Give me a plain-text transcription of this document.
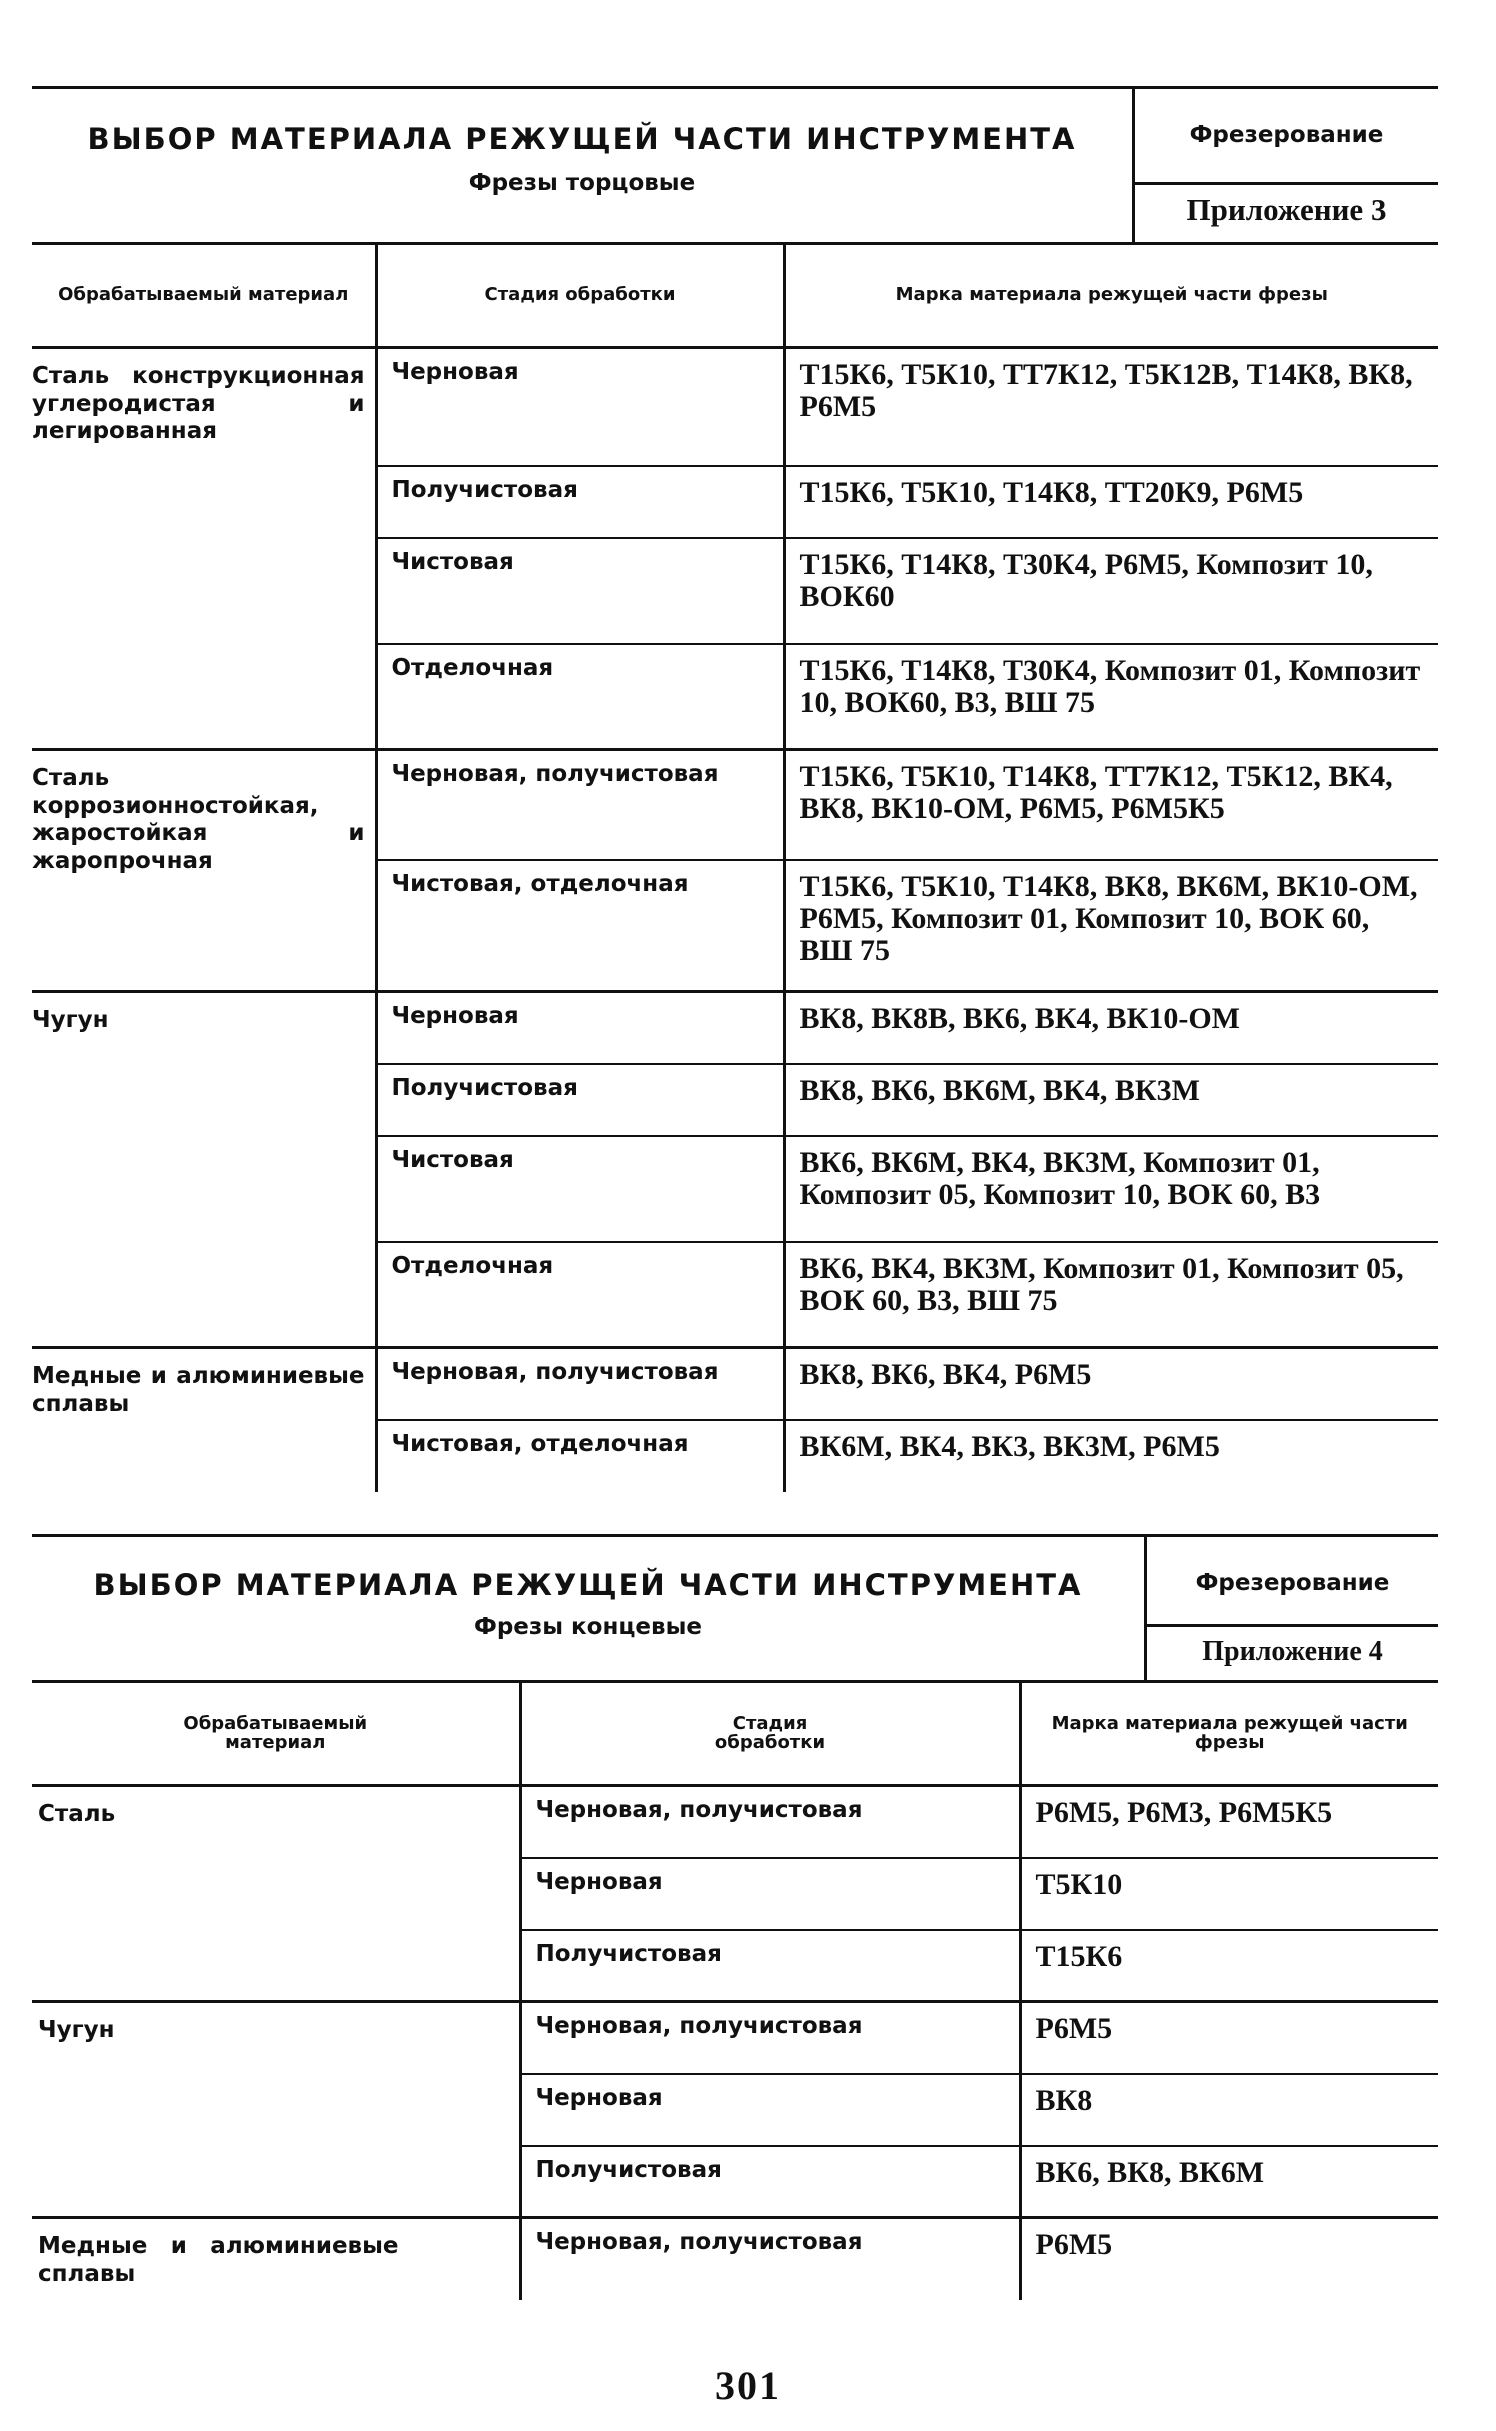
ВЫБОР МАТЕРИАЛА РЕЖУЩЕЙ ЧАСТИ ИНСТРУМЕНТА
Фрезы торцовые
Фрезерование
Приложение 3
Обрабатываемый материал	Стадия обработки	Марка материала режущей части фрезы
Сталь конструкционная углеродистая и легированная	Черновая	Т15К6, Т5К10, ТТ7К12, Т5К12В, Т14К8, ВК8, Р6М5
	Получистовая	Т15К6, Т5К10, Т14К8, ТТ20К9, Р6М5
	Чистовая	Т15К6, Т14К8, Т30К4, Р6М5, Композит 10, ВОК60
	Отделочная	Т15К6, Т14К8, Т30К4, Композит 01, Композит 10, ВОК60, В3, ВШ 75
Сталь коррозионностойкая, жаростойкая и жаропрочная	Черновая, получистовая	Т15К6, Т5К10, Т14К8, ТТ7К12, Т5К12, ВК4, ВК8, ВК10-ОМ, Р6М5, Р6М5К5
	Чистовая, отделочная	Т15К6, Т5К10, Т14К8, ВК8, ВК6М, ВК10-ОМ, Р6М5, Композит 01, Композит 10, ВОК 60, ВШ 75
Чугун	Черновая	ВК8, ВК8В, ВК6, ВК4, ВК10-ОМ
	Получистовая	ВК8, ВК6, ВК6М, ВК4, ВК3М
	Чистовая	ВК6, ВК6М, ВК4, ВК3М, Композит 01, Композит 05, Композит 10, ВОК 60, В3
	Отделочная	ВК6, ВК4, ВК3М, Композит 01, Композит 05, ВОК 60, В3, ВШ 75
Медные и алюминиевые сплавы	Черновая, получистовая	ВК8, ВК6, ВК4, Р6М5
	Чистовая, отделочная	ВК6М, ВК4, ВК3, ВК3М, Р6М5
ВЫБОР МАТЕРИАЛА РЕЖУЩЕЙ ЧАСТИ ИНСТРУМЕНТА
Фрезы концевые
Фрезерование
Приложение 4
Обрабатываемый материал	Стадия обработки	Марка материала режущей части фрезы
Сталь	Черновая, получистовая	Р6М5, Р6М3, Р6М5К5
	Черновая	Т5К10
	Получистовая	Т15К6
Чугун	Черновая, получистовая	Р6М5
	Черновая	ВК8
	Получистовая	ВК6, ВК8, ВК6М
Медные и алюминиевые сплавы	Черновая, получистовая	Р6М5
301
